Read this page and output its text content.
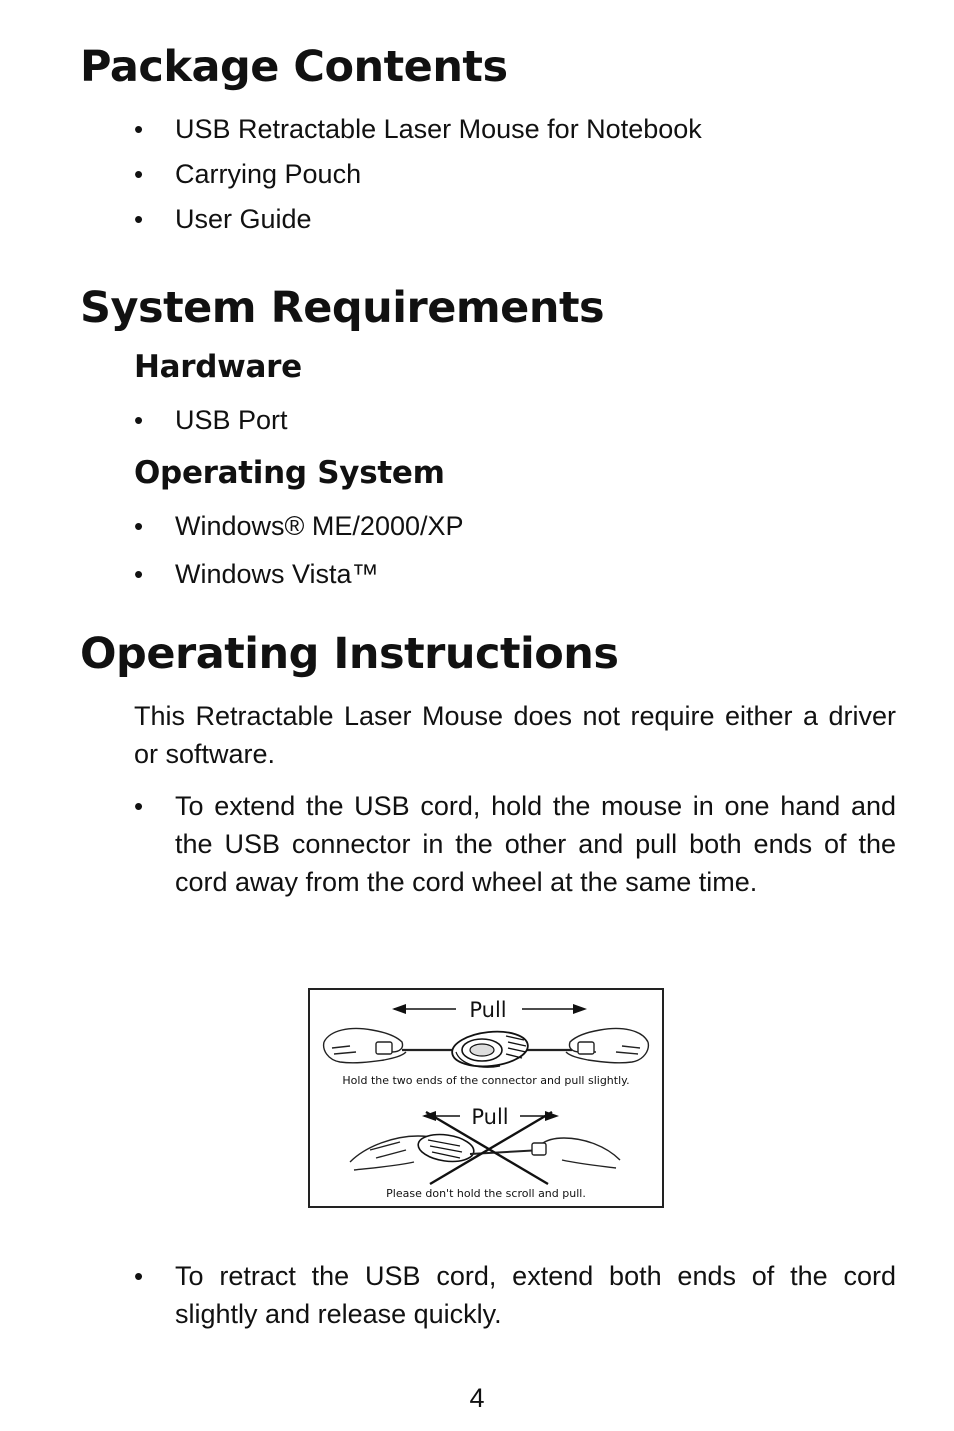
Package Contents
• USB Retractable Laser Mouse for Notebook
• Carrying Pouch
• User Guide
System Requirements
Hardware
• USB Port
Operating System
• Windows® ME/2000/XP
• Windows Vista™
Operating Instructions

This Retractable Laser Mouse does not require either a driver or software.

• To extend the USB cord, hold the mouse in one hand and the USB connector in the other and pull both ends of the cord away from the cord wheel at the same time.
Pull
Hold the two ends of the connector and pull slightly.
Pull
Please don't hold the scroll and pull.
• To retract the USB cord, extend both ends of the cord slightly and release quickly.
4
